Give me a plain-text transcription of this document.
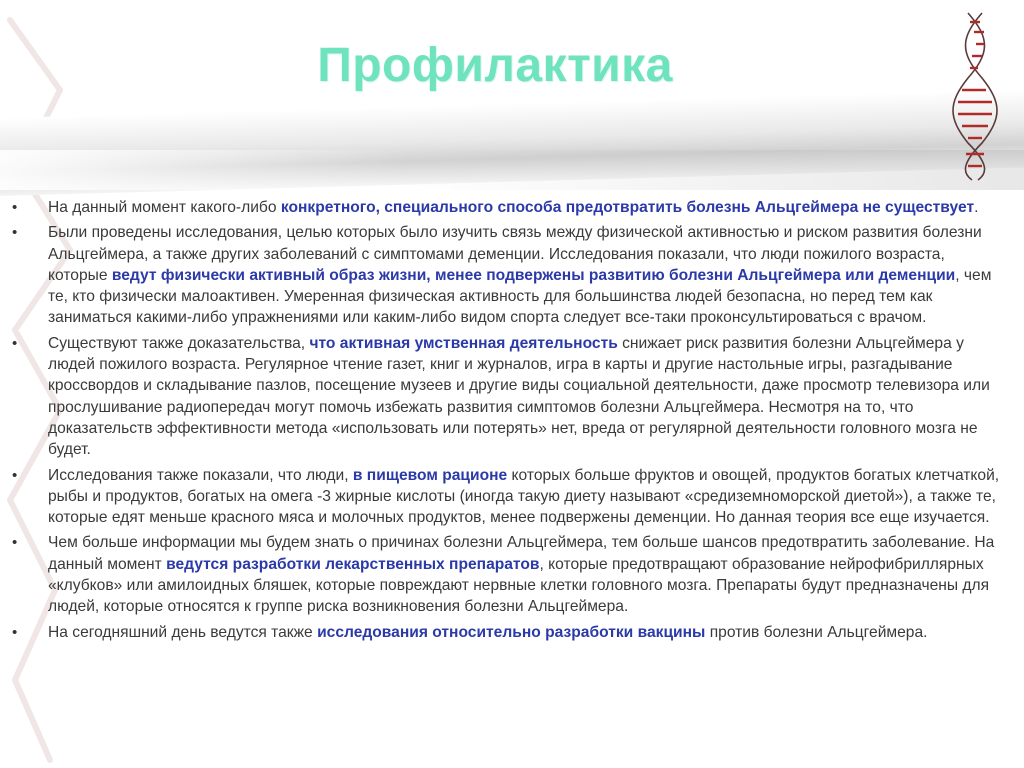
Профилактика
•	На данный момент какого-либо конкретного, специального способа предотвратить болезнь Альцгеймера не существует.
•	Были проведены исследования, целью которых было изучить связь между физической активностью и риском развития болезни Альцгеймера, а также других заболеваний с симптомами деменции. Исследования показали, что люди пожилого возраста, которые ведут физически активный образ жизни, менее подвержены развитию болезни Альцгеймера или деменции, чем те, кто физически малоактивен. Умеренная физическая активность для большинства людей безопасна, но перед тем как заниматься какими-либо упражнениями или каким-либо видом спорта следует все-таки проконсультироваться с врачом.
•	Существуют также доказательства, что активная умственная деятельность снижает риск развития болезни Альцгеймера у людей пожилого возраста. Регулярное чтение газет, книг и журналов, игра в карты и другие настольные игры, разгадывание кроссвордов и складывание пазлов, посещение музеев и другие виды социальной деятельности, даже просмотр телевизора или прослушивание радиопередач могут помочь избежать развития симптомов болезни Альцгеймера. Несмотря на то, что доказательств эффективности метода «использовать или потерять» нет, вреда от регулярной деятельности головного мозга не будет.
•	Исследования также показали, что люди, в пищевом рационе которых больше фруктов и овощей, продуктов богатых клетчаткой, рыбы и продуктов, богатых на омега -3 жирные кислоты (иногда такую диету называют «средиземноморской диетой»), а также те, которые едят меньше красного мяса и молочных продуктов, менее подвержены деменции. Но данная теория все еще изучается.
•	Чем больше информации мы будем знать о причинах болезни Альцгеймера, тем больше шансов предотвратить заболевание. На данный момент ведутся разработки лекарственных препаратов, которые предотвращают образование нейрофибриллярных «клубков» или амилоидных бляшек, которые повреждают нервные клетки головного мозга. Препараты будут предназначены для людей, которые относятся к группе риска возникновения болезни Альцгеймера.
•	На сегодняшний день ведутся также исследования относительно разработки вакцины против болезни Альцгеймера.
